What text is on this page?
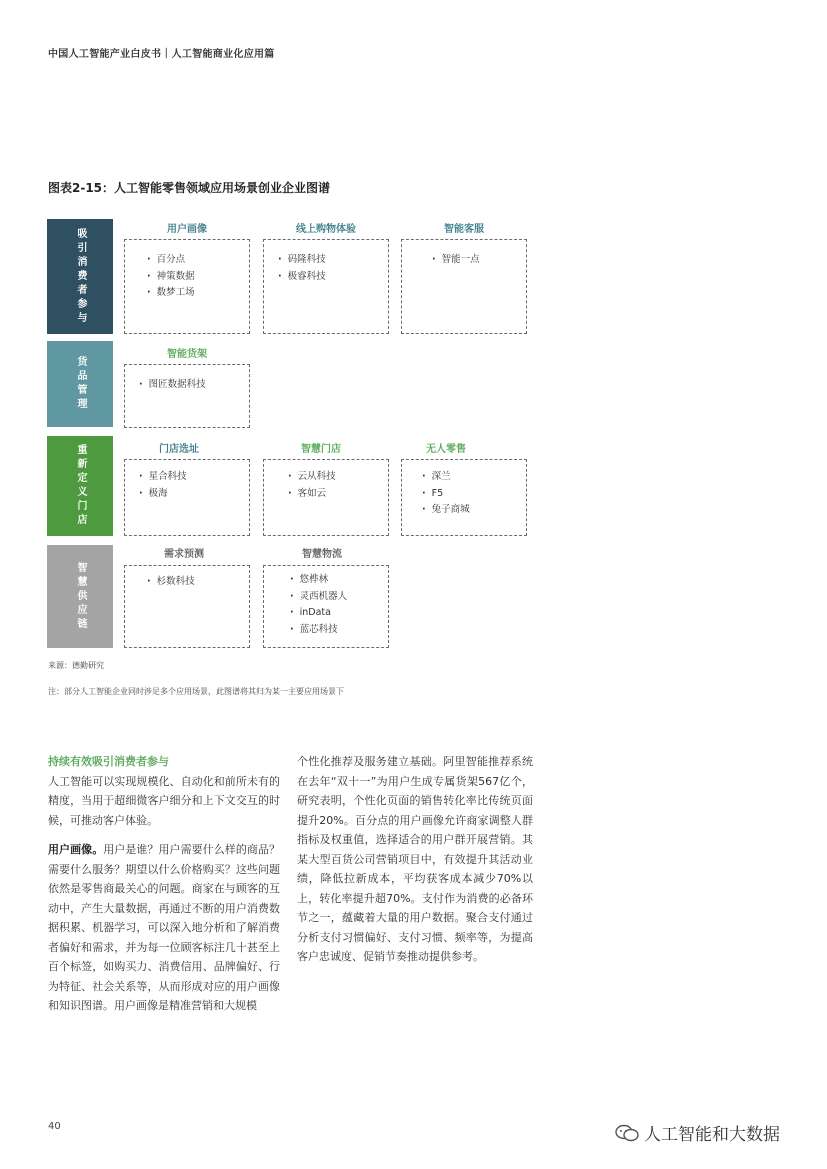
中国人工智能产业白皮书｜人工智能商业化应用篇
图表2-15：人工智能零售领域应用场景创业企业图谱
吸引消费者参与	用户画像
· 百分点
· 神策数据
· 数梦工场
线上购物体验
· 码隆科技
· 极睿科技
智能客服
· 智能一点
货品管理
智能货架
· 图匠数据科技
重新定义门店	门店选址
· 星合科技
· 极海
智慧门店
· 云从科技
· 客如云
无人零售
· 深兰
· F5
· 兔子商城
智慧供应链
需求预测
· 杉数科技
智慧物流
· 悠桦林
· 灵西机器人
· inData
· 蓝芯科技
来源：德勤研究
注：部分人工智能企业同时涉足多个应用场景，此图谱将其归为某一主要应用场景下

持续有效吸引消费者参与

人工智能可以实现规模化、自动化和前所未有的精度，当用于超细微客户细分和上下文交互的时候，可推动客户体验。

用户画像。用户是谁？用户需要什么样的商品？需要什么服务？期望以什么价格购买？这些问题依然是零售商最关心的问题。商家在与顾客的互动中，产生大量数据，再通过不断的用户消费数据积累、机器学习，可以深入地分析和了解消费者偏好和需求，并为每一位顾客标注几十甚至上百个标签，如购买力、消费信用、品牌偏好、行为特征、社会关系等，从而形成对应的用户画像和知识图谱。用户画像是精准营销和大规模

个性化推荐及服务建立基础。阿里智能推荐系统在去年“双十一”为用户生成专属货架567亿个，研究表明，个性化页面的销售转化率比传统页面提升20%。百分点的用户画像允许商家调整人群指标及权重值，选择适合的用户群开展营销。其某大型百货公司营销项目中，有效提升其活动业绩，降低拉新成本，平均获客成本减少70%以上，转化率提升超70%。支付作为消费的必备环节之一，蕴藏着大量的用户数据。聚合支付通过分析支付习惯偏好、支付习惯、频率等，为提高客户忠诚度、促销节奏推动提供参考。

40	人工智能和大数据
